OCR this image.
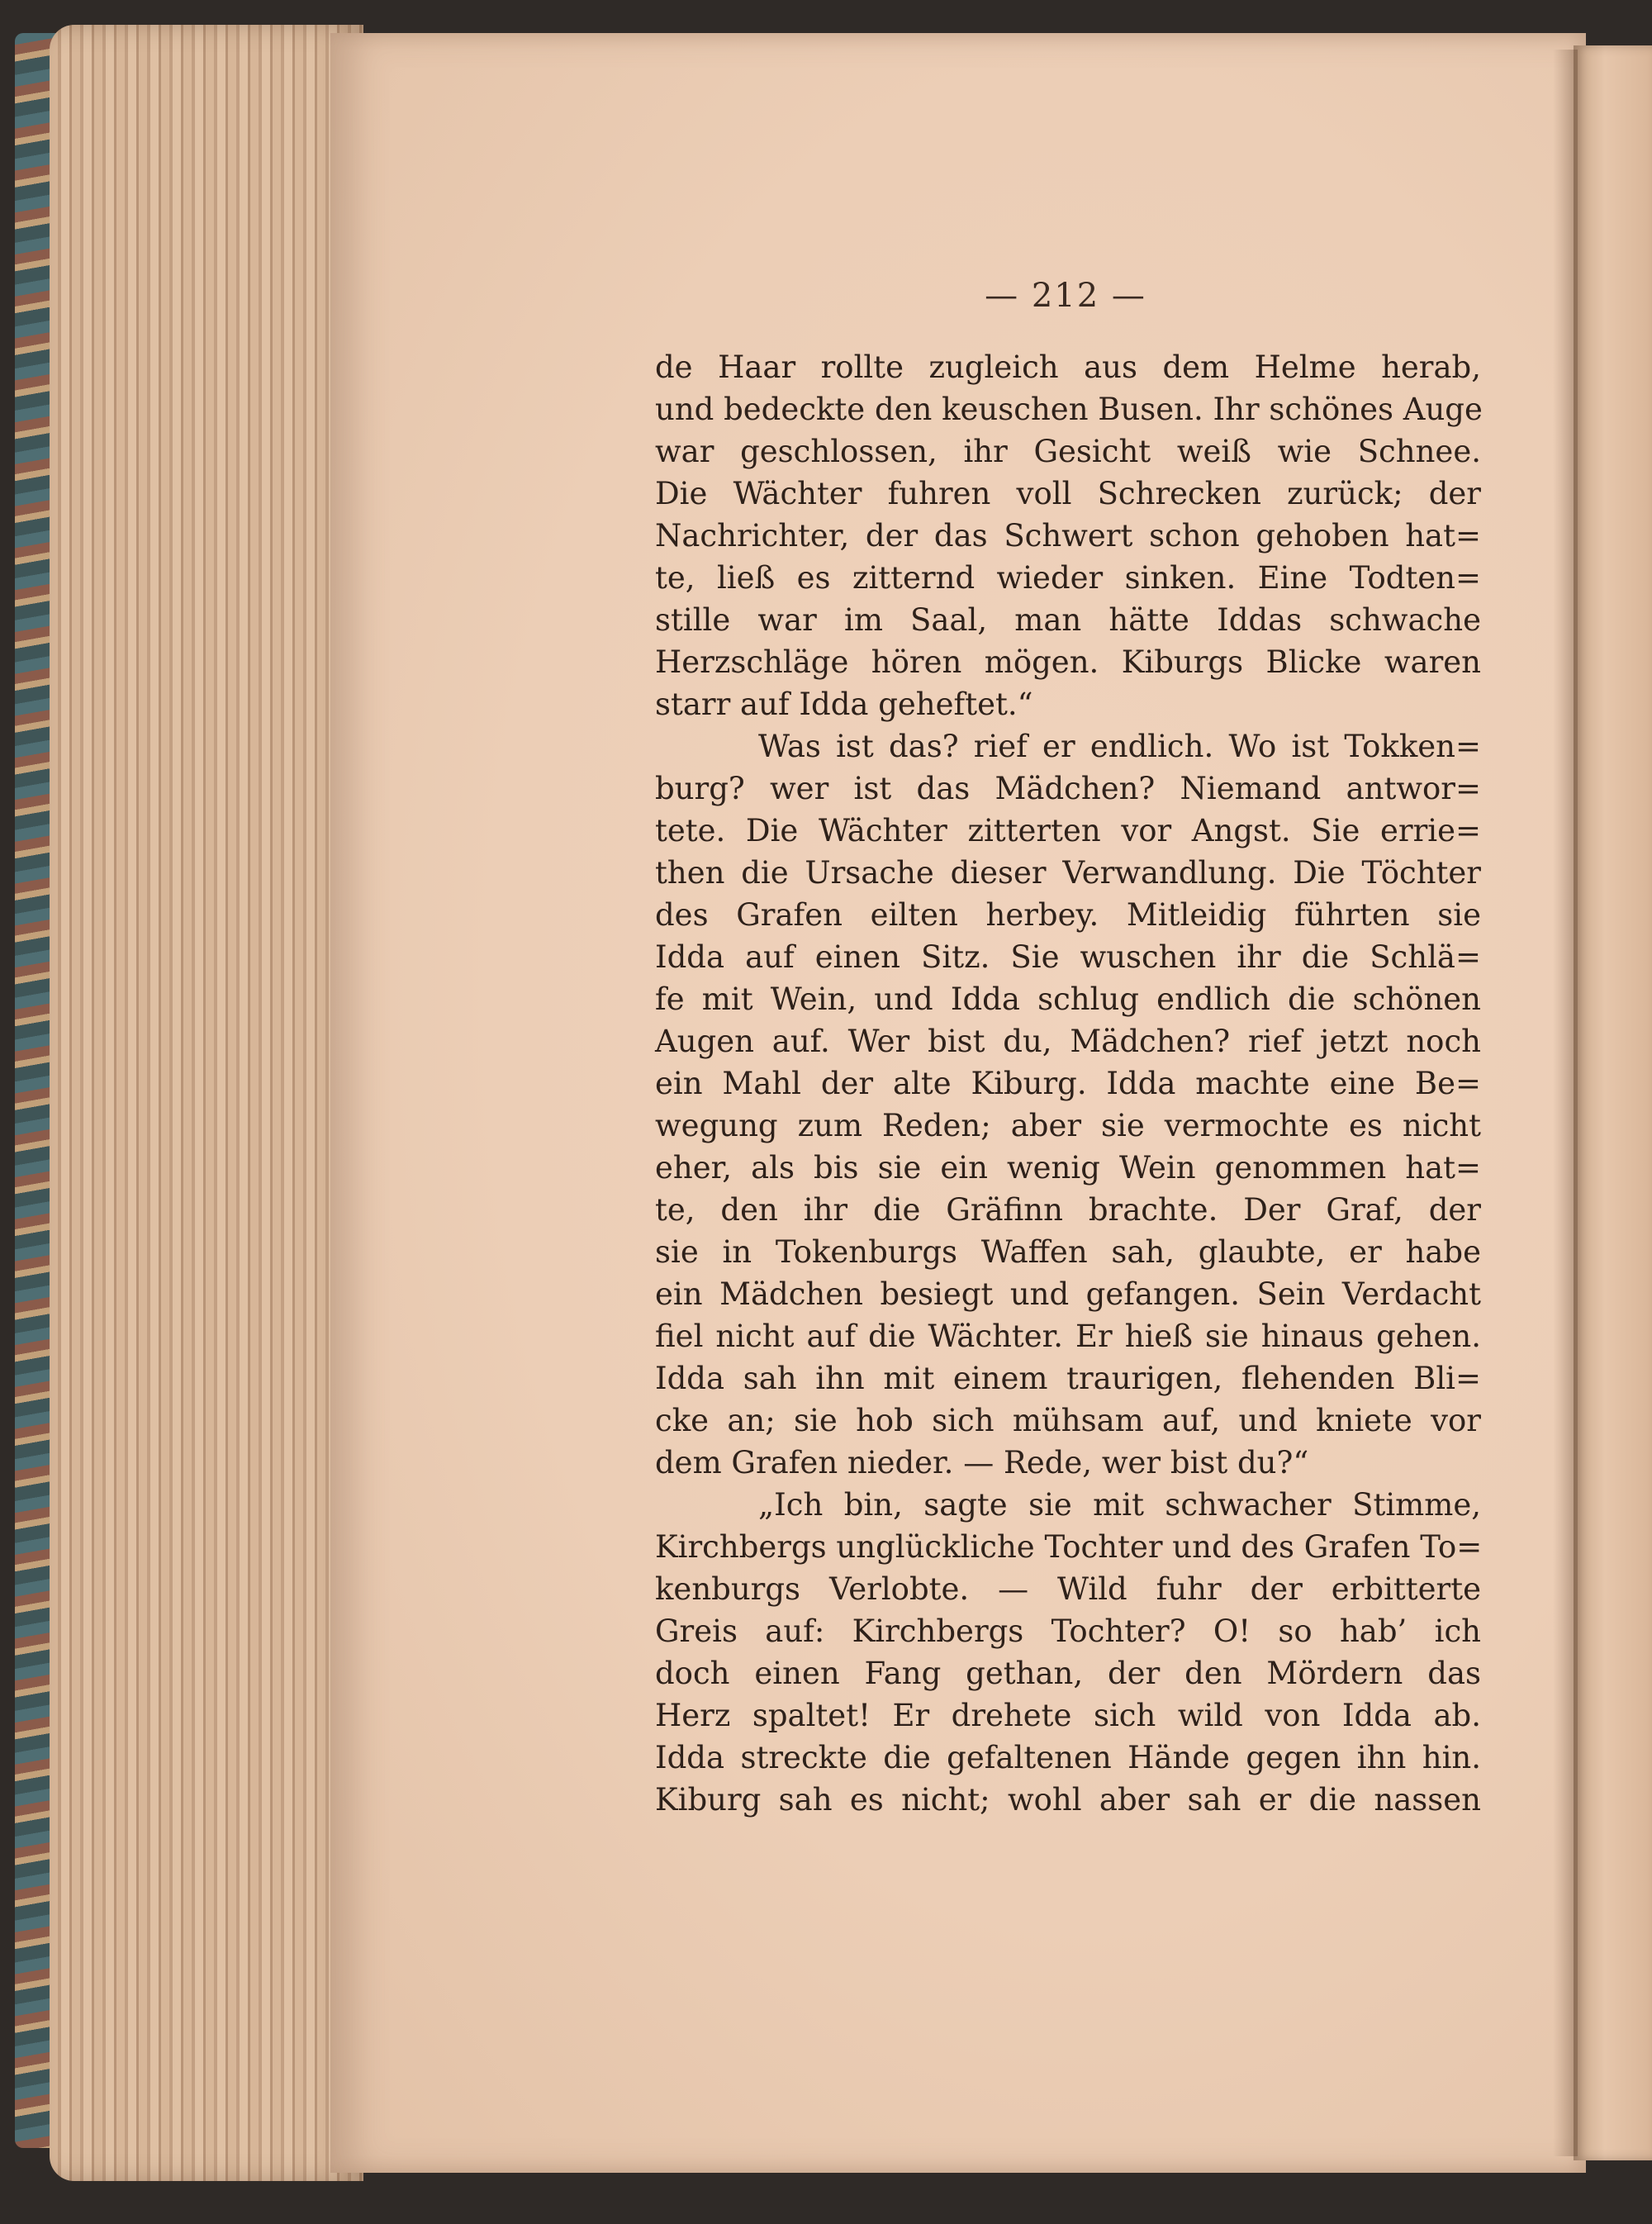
— 212 —
de Haar rollte zugleich aus dem Helme herab,
und bedeckte den keuschen Busen. Ihr schönes Auge
war geschlossen, ihr Gesicht weiß wie Schnee.
Die Wächter fuhren voll Schrecken zurück; der
Nachrichter, der das Schwert schon gehoben hat=
te, ließ es zitternd wieder sinken. Eine Todten=
stille war im Saal, man hätte Iddas schwache
Herzschläge hören mögen. Kiburgs Blicke waren
starr auf Idda geheftet.“
Was ist das? rief er endlich. Wo ist Tokken=
burg? wer ist das Mädchen? Niemand antwor=
tete. Die Wächter zitterten vor Angst. Sie errie=
then die Ursache dieser Verwandlung. Die Töchter
des Grafen eilten herbey. Mitleidig führten sie
Idda auf einen Sitz. Sie wuschen ihr die Schlä=
fe mit Wein, und Idda schlug endlich die schönen
Augen auf. Wer bist du, Mädchen? rief jetzt noch
ein Mahl der alte Kiburg. Idda machte eine Be=
wegung zum Reden; aber sie vermochte es nicht
eher, als bis sie ein wenig Wein genommen hat=
te, den ihr die Gräfinn brachte. Der Graf, der
sie in Tokenburgs Waffen sah, glaubte, er habe
ein Mädchen besiegt und gefangen. Sein Verdacht
fiel nicht auf die Wächter. Er hieß sie hinaus gehen.
Idda sah ihn mit einem traurigen, flehenden Bli=
cke an; sie hob sich mühsam auf, und kniete vor
dem Grafen nieder. — Rede, wer bist du?“
„Ich bin, sagte sie mit schwacher Stimme,
Kirchbergs unglückliche Tochter und des Grafen To=
kenburgs Verlobte. — Wild fuhr der erbitterte
Greis auf: Kirchbergs Tochter? O! so hab’ ich
doch einen Fang gethan, der den Mördern das
Herz spaltet! Er drehete sich wild von Idda ab.
Idda streckte die gefaltenen Hände gegen ihn hin.
Kiburg sah es nicht; wohl aber sah er die nassen
